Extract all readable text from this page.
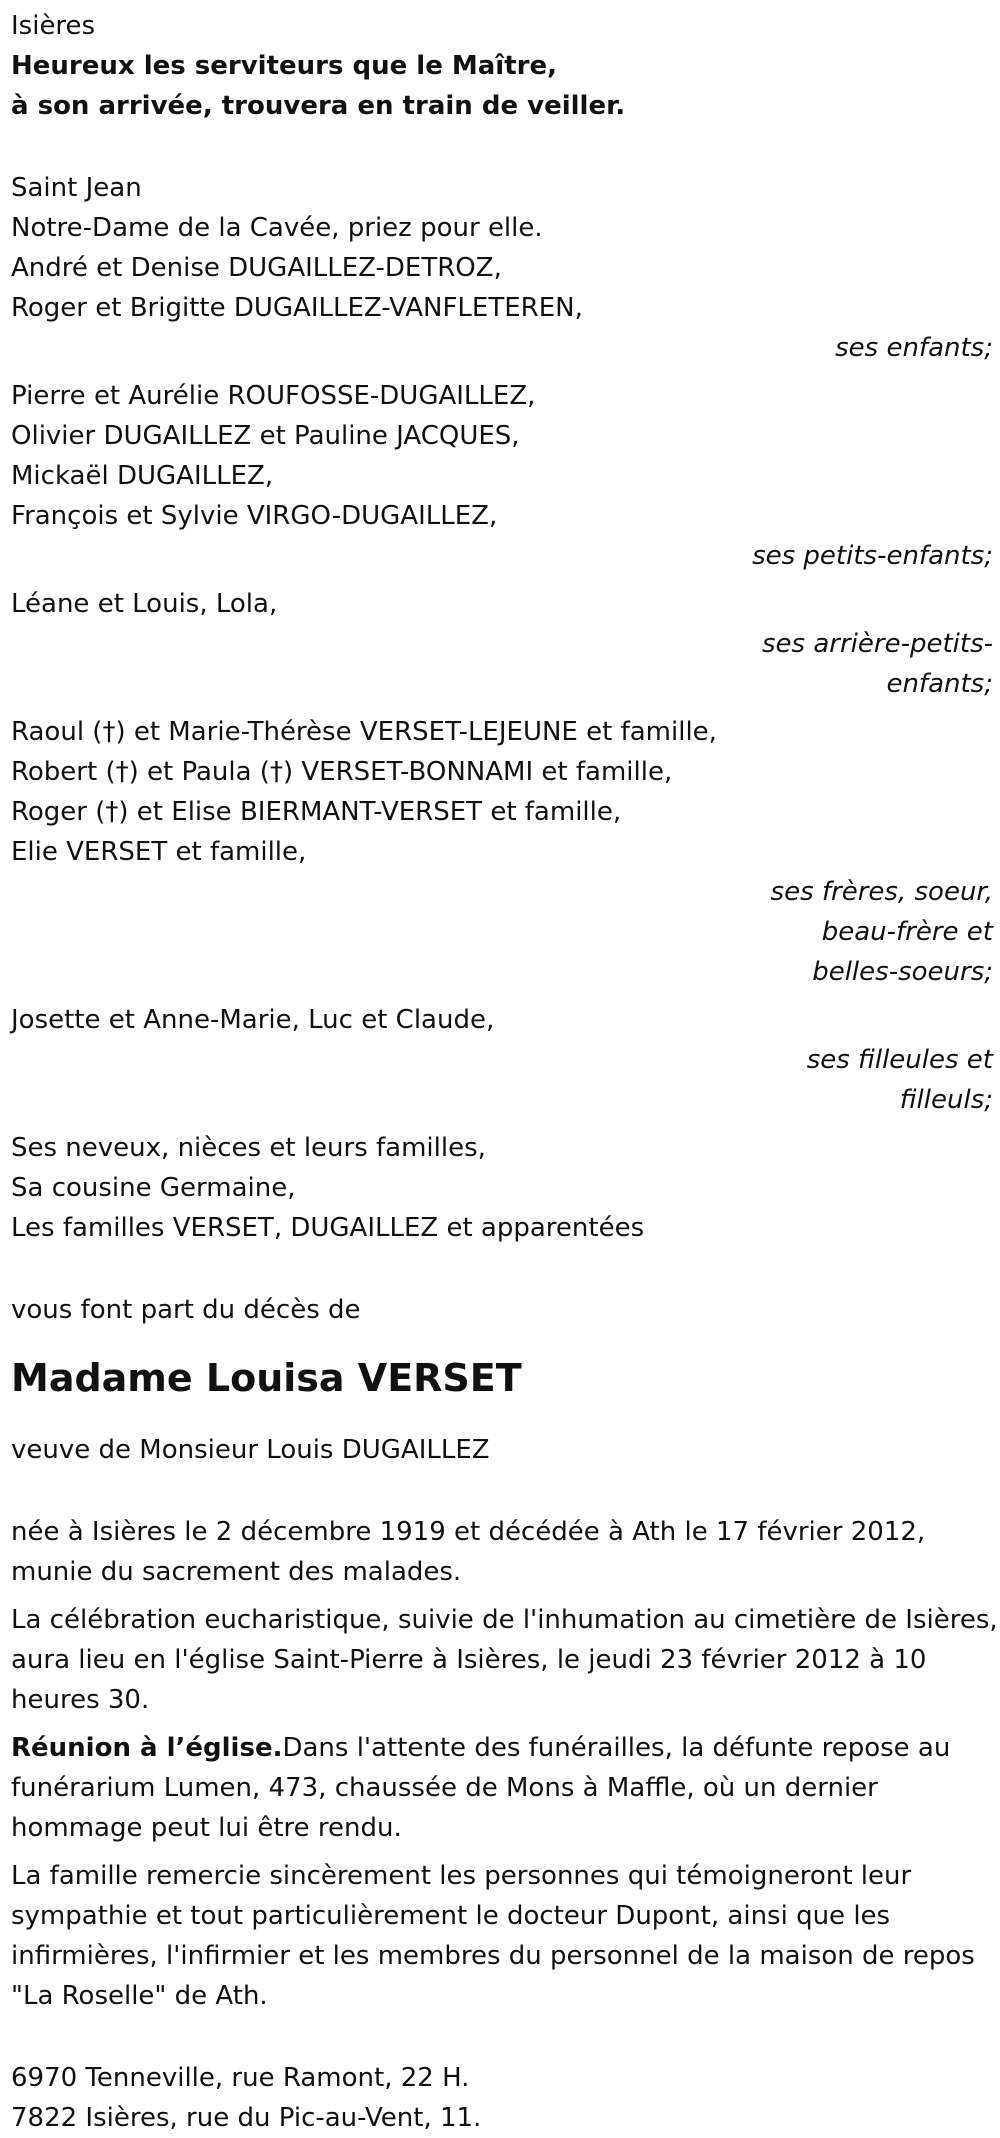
Isières
Heureux les serviteurs que le Maître,
à son arrivée, trouvera en train de veiller.
Saint Jean
Notre-Dame de la Cavée, priez pour elle.
André et Denise DUGAILLEZ-DETROZ,
Roger et Brigitte DUGAILLEZ-VANFLETEREN,
ses enfants;
Pierre et Aurélie ROUFOSSE-DUGAILLEZ,
Olivier DUGAILLEZ et Pauline JACQUES,
Mickaël DUGAILLEZ,
François et Sylvie VIRGO-DUGAILLEZ,
ses petits-enfants;
Léane et Louis, Lola,
ses arrière-petits-
enfants;
Raoul (†) et Marie-Thérèse VERSET-LEJEUNE et famille,
Robert (†) et Paula (†) VERSET-BONNAMI et famille,
Roger (†) et Elise BIERMANT-VERSET et famille,
Elie VERSET et famille,
ses frères, soeur,
beau-frère et
belles-soeurs;
Josette et Anne-Marie, Luc et Claude,
ses filleules et
filleuls;
Ses neveux, nièces et leurs familles,
Sa cousine Germaine,
Les familles VERSET, DUGAILLEZ et apparentées
vous font part du décès de
Madame Louisa VERSET
veuve de Monsieur Louis DUGAILLEZ
née à Isières le 2 décembre 1919 et décédée à Ath le 17 février 2012, munie du sacrement des malades.
La célébration eucharistique, suivie de l'inhumation au cimetière de Isières, aura lieu en l'église Saint-Pierre à Isières, le jeudi 23 février 2012 à 10 heures 30.
Réunion à l’église.Dans l'attente des funérailles, la défunte repose au funérarium Lumen, 473, chaussée de Mons à Maffle, où un dernier hommage peut lui être rendu.
La famille remercie sincèrement les personnes qui témoigneront leur sympathie et tout particulièrement le docteur Dupont, ainsi que les infirmières, l'infirmier et les membres du personnel de la maison de repos "La Roselle" de Ath.
6970 Tenneville, rue Ramont, 22 H.
7822 Isières, rue du Pic-au-Vent, 11.
